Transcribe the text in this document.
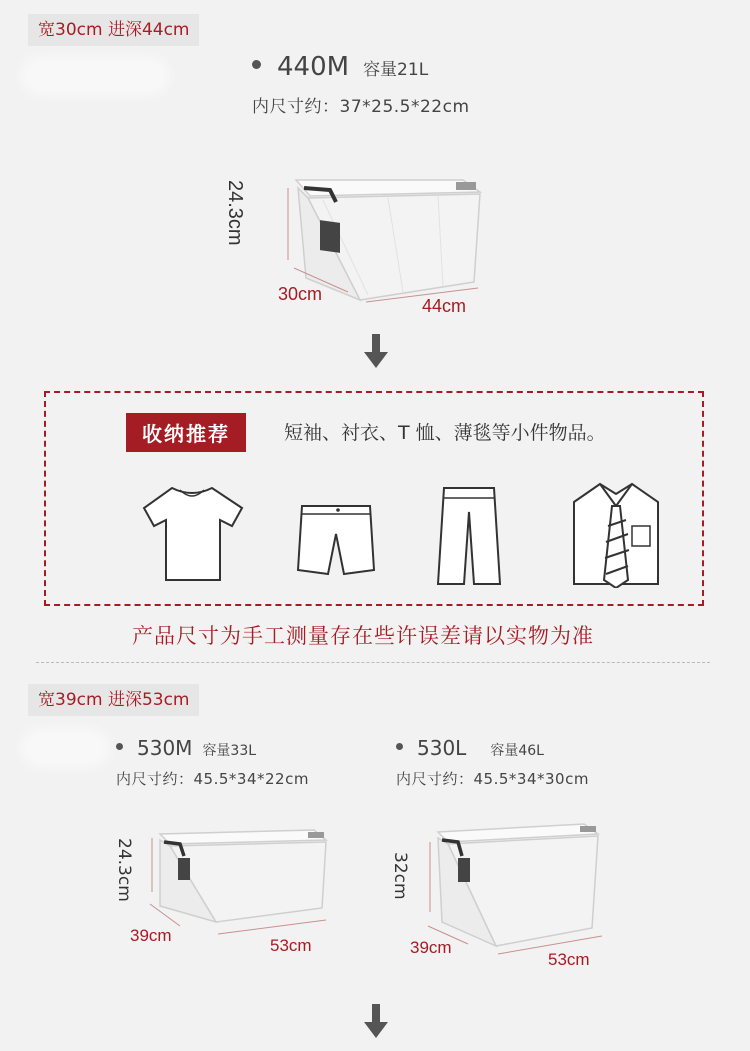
宽30cm 进深44cm
440M 容量21L
内尺寸约：37*25.5*22cm
24.3cm
30cm
44cm
收纳推荐	短袖、衬衣、T 恤、薄毯等小件物品。
产品尺寸为手工测量存在些许误差请以实物为准
宽39cm 进深53cm
530M 容量33L
内尺寸约：45.5*34*22cm
24.3cm
39cm
53cm
530L 容量46L
内尺寸约：45.5*34*30cm
32cm
39cm
53cm
